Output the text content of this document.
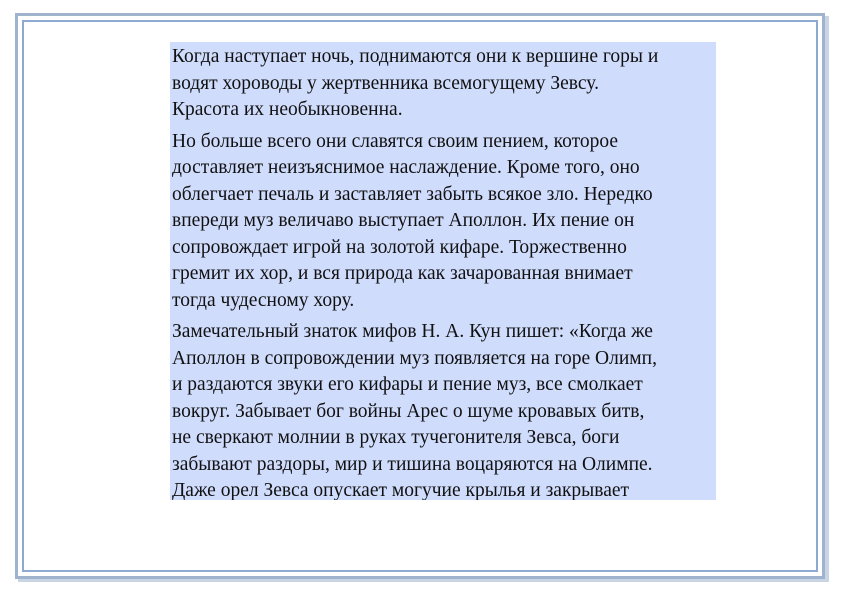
Когда наступает ночь, поднимаются они к вершине горы и
водят хороводы у жертвенника всемогущему Зевсу.
Красота их необыкновенна.

Но больше всего они славятся своим пением, которое
доставляет неизъяснимое наслаждение. Кроме того, оно
облегчает печаль и заставляет забыть всякое зло. Нередко
впереди муз величаво выступает Аполлон. Их пение он
сопровождает игрой на золотой кифаре. Торжественно
гремит их хор, и вся природа как зачарованная внимает
тогда чудесному хору.

Замечательный знаток мифов Н. А. Кун пишет: «Когда же
Аполлон в сопровождении муз появляется на горе Олимп,
и раздаются звуки его кифары и пение муз, все смолкает
вокруг. Забывает бог войны Арес о шуме кровавых битв,
не сверкают молнии в руках тучегонителя Зевса, боги
забывают раздоры, мир и тишина воцаряются на Олимпе.
Даже орел Зевса опускает могучие крылья и закрывает
